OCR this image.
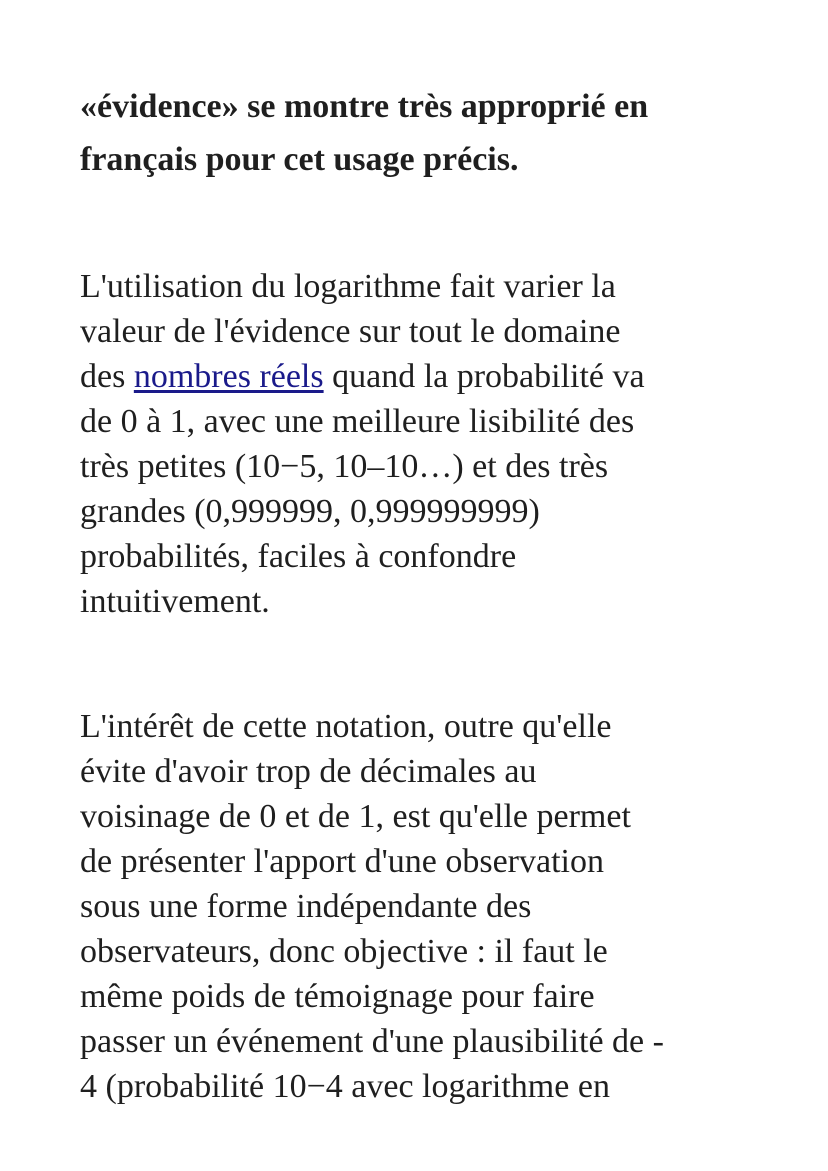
«évidence» se montre très approprié en
français pour cet usage précis.

L'utilisation du logarithme fait varier la
valeur de l'évidence sur tout le domaine
des nombres réels quand la probabilité va
de 0 à 1, avec une meilleure lisibilité des
très petites (10−5, 10–10…) et des très
grandes (0,999999, 0,999999999)
probabilités, faciles à confondre
intuitivement.

L'intérêt de cette notation, outre qu'elle
évite d'avoir trop de décimales au
voisinage de 0 et de 1, est qu'elle permet
de présenter l'apport d'une observation
sous une forme indépendante des
observateurs, donc objective : il faut le
même poids de témoignage pour faire
passer un événement d'une plausibilité de -
4 (probabilité 10−4 avec logarithme en
